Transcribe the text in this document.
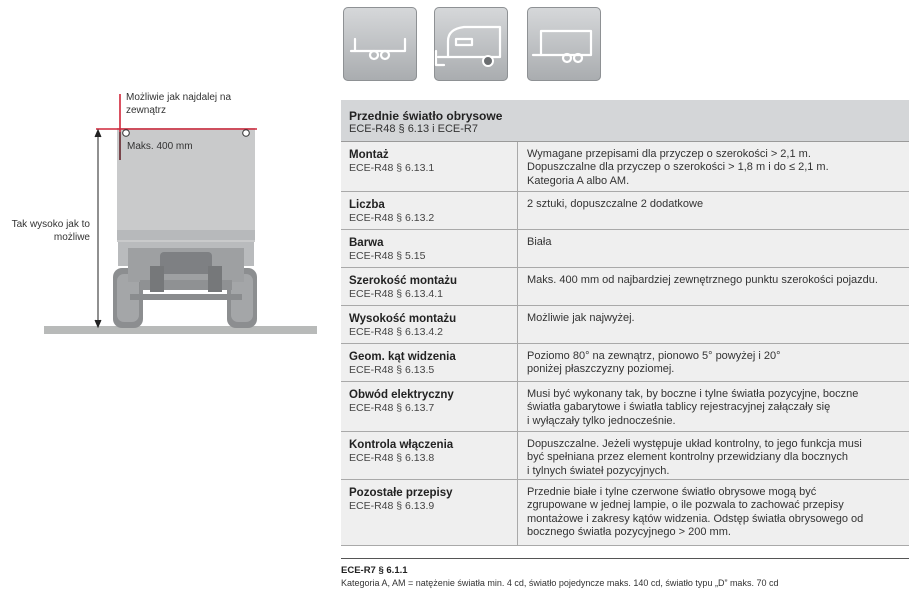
Możliwie jak najdalej na
zewnątrz
Maks. 400 mm
Tak wysoko jak to
możliwe
Przednie światło obrysowe
ECE-R48 § 6.13 i ECE-R7
Montaż
ECE-R48 § 6.13.1
Wymagane przepisami dla przyczep o szerokości > 2,1 m.
Dopuszczalne dla przyczep o szerokości > 1,8 m i do ≤ 2,1 m.
Kategoria A albo AM.
Liczba
ECE-R48 § 6.13.2
2 sztuki, dopuszczalne 2 dodatkowe
Barwa
ECE-R48 § 5.15
Biała
Szerokość montażu
ECE-R48 § 6.13.4.1
Maks. 400 mm od najbardziej zewnętrznego punktu szerokości pojazdu.
Wysokość montażu
ECE-R48 § 6.13.4.2
Możliwie jak najwyżej.
Geom. kąt widzenia
ECE-R48 § 6.13.5
Poziomo 80° na zewnątrz, pionowo 5° powyżej i 20°
poniżej płaszczyzny poziomej.
Obwód elektryczny
ECE-R48 § 6.13.7
Musi być wykonany tak, by boczne i tylne światła pozycyjne, boczne
światła gabarytowe i światła tablicy rejestracyjnej załączały się
i wyłączały tylko jednocześnie.
Kontrola włączenia
ECE-R48 § 6.13.8
Dopuszczalne. Jeżeli występuje układ kontrolny, to jego funkcja musi
być spełniana przez element kontrolny przewidziany dla bocznych
i tylnych świateł pozycyjnych.
Pozostałe przepisy
ECE-R48 § 6.13.9
Przednie białe i tylne czerwone światło obrysowe mogą być
zgrupowane w jednej lampie, o ile pozwala to zachować przepisy
montażowe i zakresy kątów widzenia. Odstęp światła obrysowego od
bocznego światła pozycyjnego > 200 mm.
ECE-R7 § 6.1.1
Kategoria A, AM = natężenie światła min. 4 cd, światło pojedyncze maks. 140 cd, światło typu „D” maks. 70 cd
